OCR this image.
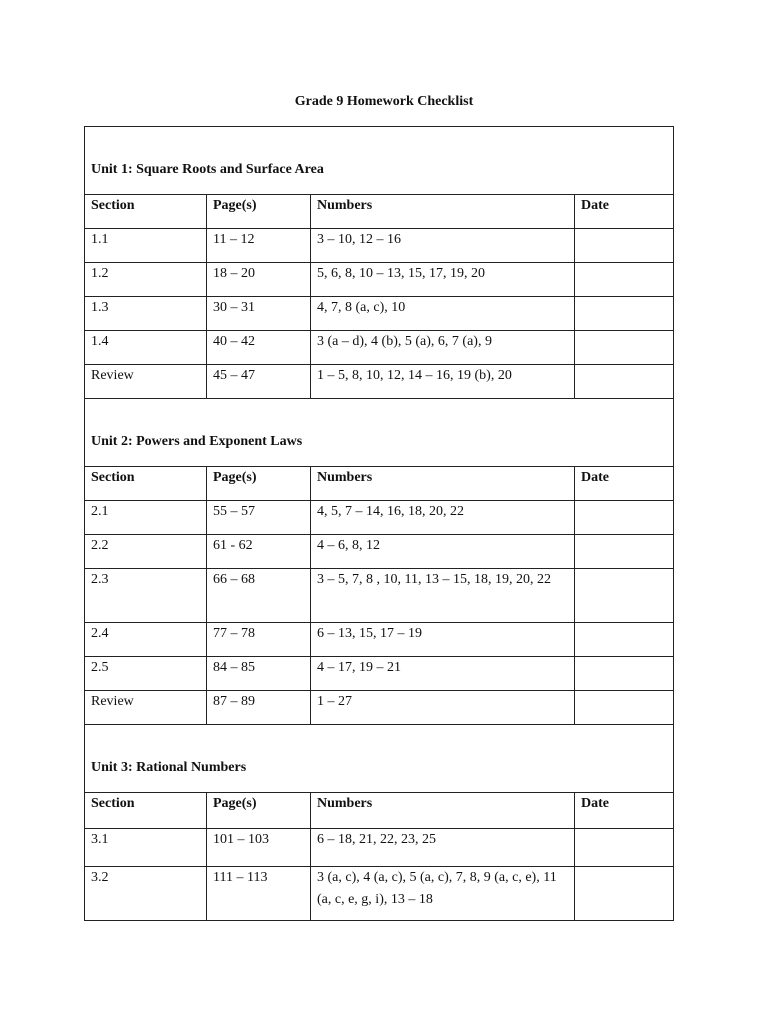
Grade 9 Homework Checklist
Unit 1: Square Roots and Surface Area			
Section	Page(s)	Numbers	Date
1.1	11 – 12	3 – 10, 12 – 16	
1.2	18 – 20	5, 6, 8, 10 – 13, 15, 17, 19, 20	
1.3	30 – 31	4, 7, 8 (a, c), 10	
1.4	40 – 42	3 (a – d), 4 (b), 5 (a), 6, 7 (a), 9	
Review	45 – 47	1 – 5, 8, 10, 12, 14 – 16, 19 (b), 20	
Unit 2: Powers and Exponent Laws			
Section	Page(s)	Numbers	Date
2.1	55 – 57	4, 5, 7 – 14, 16, 18, 20, 22	
2.2	61 - 62	4 – 6, 8, 12	
2.3	66 – 68	3 – 5, 7, 8 , 10, 11, 13 – 15, 18, 19, 20, 22	
2.4	77 – 78	6 – 13, 15, 17 – 19	
2.5	84 – 85	4 – 17, 19 – 21	
Review	87 – 89	1 – 27	
Unit 3: Rational Numbers			
Section	Page(s)	Numbers	Date
3.1	101 – 103	6 – 18, 21, 22, 23, 25	
3.2	111 – 113	3 (a, c), 4 (a, c), 5 (a, c), 7, 8, 9 (a, c, e), 11 (a, c, e, g, i), 13 – 18	
